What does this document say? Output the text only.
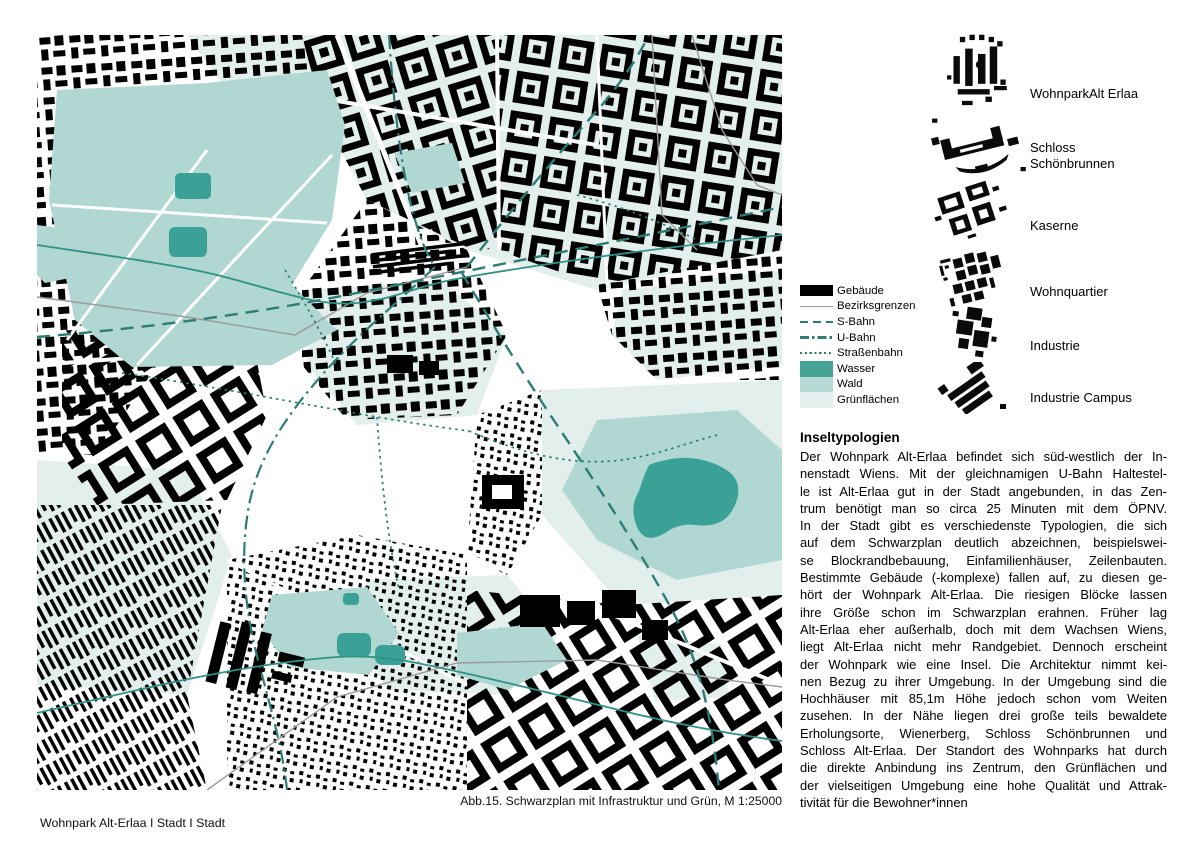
Abb.15. Schwarzplan mit Infrastruktur und Grün, M 1:25000
Wohnpark Alt-Erlaa I Stadt I Stadt
Gebäude
Bezirksgrenzen
S-Bahn
U-Bahn
Straßenbahn
Wasser
Wald
Grünflächen
WohnparkAlt Erlaa
Schloss Schönbrunnen
Kaserne
Wohnquartier
Industrie
Industrie Campus
Inseltypologien
Der Wohnpark Alt-Erlaa befindet sich süd-westlich der In-
nenstadt Wiens. Mit der gleichnamigen U-Bahn Haltestel-
le ist Alt-Erlaa gut in der Stadt angebunden, in das Zen-
trum benötigt man so circa 25 Minuten mit dem ÖPNV.
In der Stadt gibt es verschiedenste Typologien, die sich
auf dem Schwarzplan deutlich abzeichnen, beispielswei-
se Blockrandbebauung, Einfamilienhäuser, Zeilenbauten.
Bestimmte Gebäude (-komplexe) fallen auf, zu diesen ge-
hört der Wohnpark Alt-Erlaa. Die riesigen Blöcke lassen
ihre Größe schon im Schwarzplan erahnen. Früher lag
Alt-Erlaa eher außerhalb, doch mit dem Wachsen Wiens,
liegt Alt-Erlaa nicht mehr Randgebiet. Dennoch erscheint
der Wohnpark wie eine Insel. Die Architektur nimmt kei-
nen Bezug zu ihrer Umgebung. In der Umgebung sind die
Hochhäuser mit 85,1m Höhe jedoch schon vom Weiten
zusehen. In der Nähe liegen drei große teils bewaldete
Erholungsorte, Wienerberg, Schloss Schönbrunnen und
Schloss Alt-Erlaa. Der Standort des Wohnparks hat durch
die direkte Anbindung ins Zentrum, den Grünflächen und
der vielseitigen Umgebung eine hohe Qualität und Attrak-
tivität für die Bewohner*innen
